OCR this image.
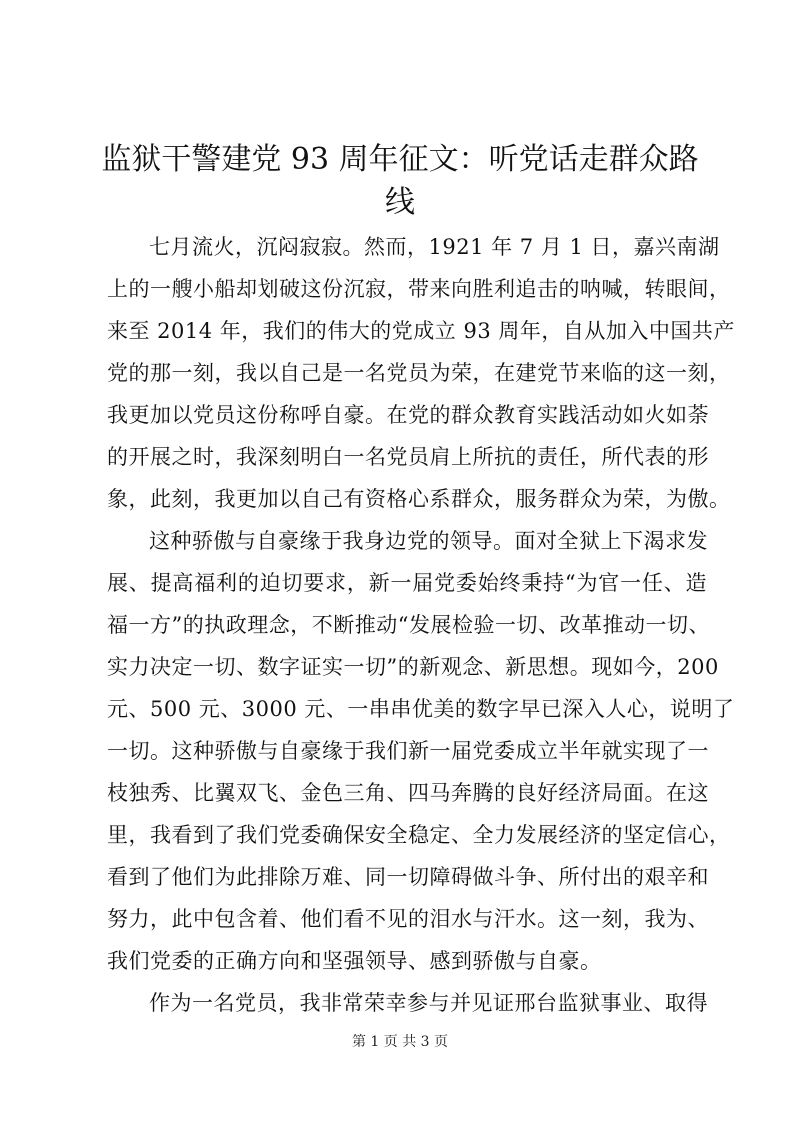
监狱干警建党 93 周年征文：听党话走群众路
线
七月流火，沉闷寂寂。然而，1921 年 7 月 1 日，嘉兴南湖
上的一艘小船却划破这份沉寂，带来向胜利追击的呐喊，转眼间，
来至 2014 年，我们的伟大的党成立 93 周年，自从加入中国共产
党的那一刻，我以自己是一名党员为荣，在建党节来临的这一刻，
我更加以党员这份称呼自豪。在党的群众教育实践活动如火如荼
的开展之时，我深刻明白一名党员肩上所抗的责任，所代表的形
象，此刻，我更加以自己有资格心系群众，服务群众为荣，为傲。
这种骄傲与自豪缘于我身边党的领导。面对全狱上下渴求发
展、提高福利的迫切要求，新一届党委始终秉持“为官一任、造
福一方”的执政理念，不断推动“发展检验一切、改革推动一切、
实力决定一切、数字证实一切”的新观念、新思想。现如今，200
元、500 元、3000 元、一串串优美的数字早已深入人心，说明了
一切。这种骄傲与自豪缘于我们新一届党委成立半年就实现了一
枝独秀、比翼双飞、金色三角、四马奔腾的良好经济局面。在这
里，我看到了我们党委确保安全稳定、全力发展经济的坚定信心，
看到了他们为此排除万难、同一切障碍做斗争、所付出的艰辛和
努力，此中包含着、他们看不见的泪水与汗水。这一刻，我为、
我们党委的正确方向和坚强领导、感到骄傲与自豪。
作为一名党员，我非常荣幸参与并见证邢台监狱事业、取得
第 1 页 共 3 页
